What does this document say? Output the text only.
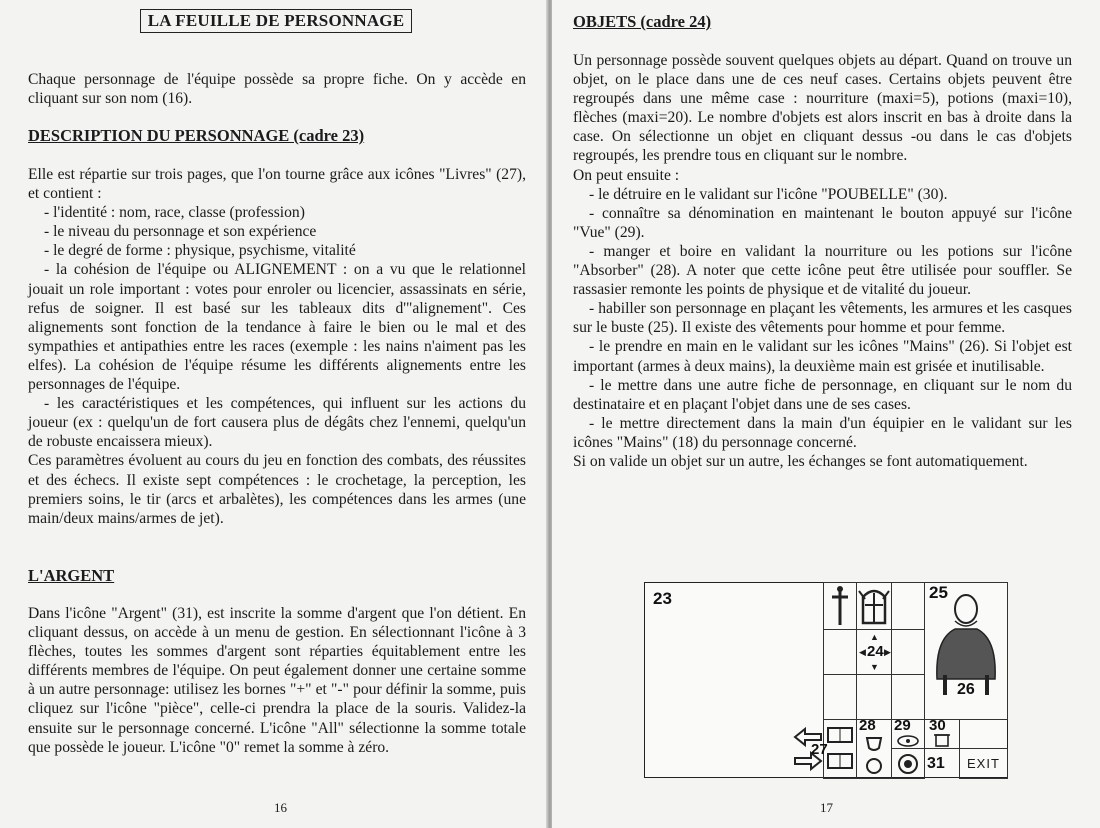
LA FEUILLE DE PERSONNAGE
Chaque personnage de l'équipe possède sa propre fiche. On y accède en cliquant sur son nom (16).
DESCRIPTION DU PERSONNAGE (cadre 23)

Elle est répartie sur trois pages, que l'on tourne grâce aux icônes "Livres" (27), et contient :

- l'identité : nom, race, classe (profession)

- le niveau du personnage et son expérience

- le degré de forme : physique, psychisme, vitalité

- la cohésion de l'équipe ou ALIGNEMENT : on a vu que le relationnel jouait un role important : votes pour enroler ou licencier, assassinats en série, refus de soigner. Il est basé sur les tableaux dits d'"alignement". Ces alignements sont fonction de la tendance à faire le bien ou le mal et des sympathies et antipathies entre les races (exemple : les nains n'aiment pas les elfes). La cohésion de l'équipe résume les différents alignements entre les personnages de l'équipe.

- les caractéristiques et les compétences, qui influent sur les actions du joueur (ex : quelqu'un de fort causera plus de dégâts chez l'ennemi, quelqu'un de robuste encaissera mieux).

Ces paramètres évoluent au cours du jeu en fonction des combats, des réussites et des échecs. Il existe sept compétences : le crochetage, la perception, les premiers soins, le tir (arcs et arbalètes), les compétences dans les armes (une main/deux mains/armes de jet).

L'ARGENT
Dans l'icône "Argent" (31), est inscrite la somme d'argent que l'on détient. En cliquant dessus, on accède à un menu de gestion. En sélectionnant l'icône à 3 flèches, toutes les sommes d'argent sont réparties équitablement entre les différents membres de l'équipe. On peut également donner une certaine somme à un autre personnage: utilisez les bornes "+" et "-" pour définir la somme, puis cliquez sur l'icône "pièce", celle-ci prendra la place de la souris. Validez-la ensuite sur le personnage concerné. L'icône "All" sélectionne la somme totale que possède le joueur. L'icône "0" remet la somme à zéro.
16
OBJETS (cadre 24)

Un personnage possède souvent quelques objets au départ. Quand on trouve un objet, on le place dans une de ces neuf cases. Certains objets peuvent être regroupés dans une même case : nourriture (maxi=5), potions (maxi=10), flèches (maxi=20). Le nombre d'objets est alors inscrit en bas à droite dans la case. On sélectionne un objet en cliquant dessus -ou dans le cas d'objets regroupés, les prendre tous en cliquant sur le nombre.

On peut ensuite :

- le détruire en le validant sur l'icône "POUBELLE" (30).

- connaître sa dénomination en maintenant le bouton appuyé sur l'icône "Vue" (29).

- manger et boire en validant la nourriture ou les potions sur l'icône "Absorber" (28). A noter que cette icône peut être utilisée pour souffler. Se rassasier remonte les points de physique et de vitalité du joueur.

- habiller son personnage en plaçant les vêtements, les armures et les casques sur le buste (25). Il existe des vêtements pour homme et pour femme.

- le prendre en main en le validant sur les icônes "Mains" (26). Si l'objet est important (armes à deux mains), la deuxième main est grisée et inutilisable.

- le mettre dans une autre fiche de personnage, en cliquant sur le nom du destinataire et en plaçant l'objet dans une de ses cases.

- le mettre directement dans la main d'un équipier en le validant sur les icônes "Mains" (18) du personnage concerné.

Si on valide un objet sur un autre, les échanges se font automatiquement.

17
23
▲
◀ 24 ▶
▼
25
26
27
28 29 30
31 EXIT
